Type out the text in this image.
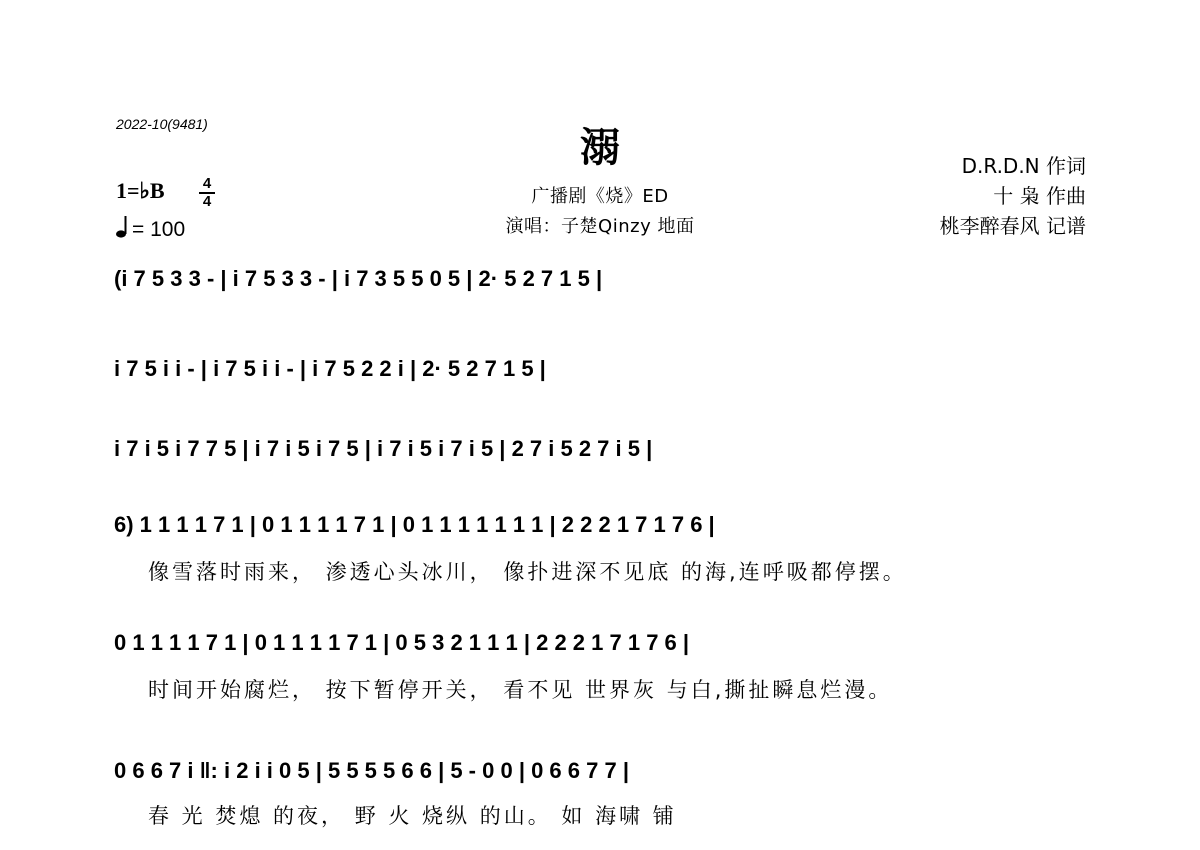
2022-10(9481)
溺
广播剧《烧》ED
演唱：子楚Qinzy 地面
D.R.D.N 作词
十 枭 作曲
桃李醉春风 记谱
1=♭B	4
4
= 100
(i 7 5 3 3 - | i 7 5 3 3 - | i 7 3 5 5 0 5 | 2· 5 2 7 1 5 |
i 7 5 i i - | i 7 5 i i - | i 7 5 2 2 i | 2· 5 2 7 1 5 |
i 7 i 5 i 7 7 5 | i 7 i 5 i 7 5 | i 7 i 5 i 7 i 5 | 2 7 i 5 2 7 i 5 |
6) 1 1 1 1 7 1 | 0 1 1 1 1 7 1 | 0 1 1 1 1 1 1 1 | 2 2 2 1 7 1 7 6 |
像雪落时雨来， 渗透心头冰川， 像扑进深不见底 的海,连呼吸都停摆。
0 1 1 1 1 7 1 | 0 1 1 1 1 7 1 | 0 5 3 2 1 1 1 | 2 2 2 1 7 1 7 6 |
时间开始腐烂， 按下暂停开关， 看不见 世界灰 与白,撕扯瞬息烂漫。
0 6 6 7 i ‖: i 2 i i 0 5 | 5 5 5 5 6 6 | 5 - 0 0 | 0 6 6 7 7 |
春 光 焚熄 的夜， 野 火 烧纵 的山。 如 海啸 铺
